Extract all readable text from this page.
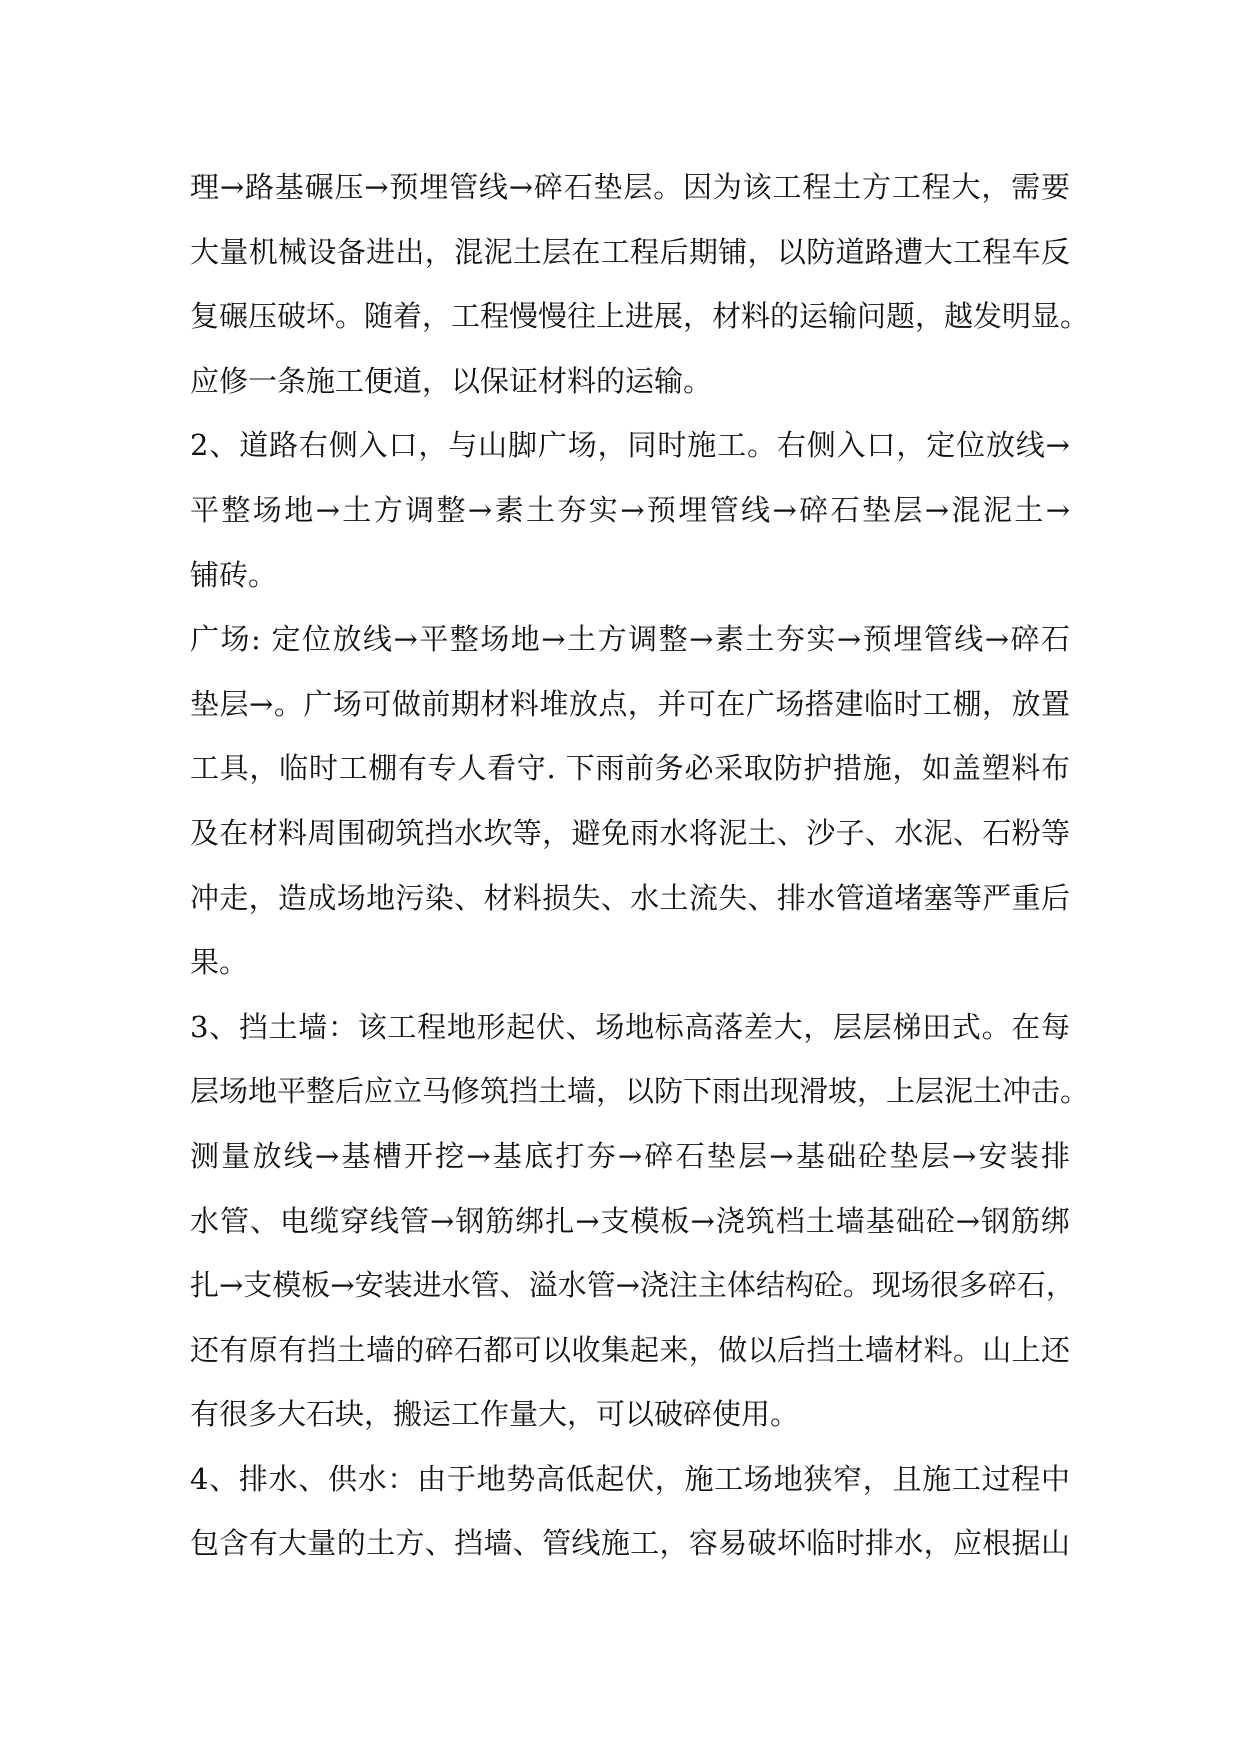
理→路基碾压→预埋管线→碎石垫层。因为该工程土方工程大，需要
大量机械设备进出，混泥土层在工程后期铺，以防道路遭大工程车反
复碾压破坏。随着，工程慢慢往上进展，材料的运输问题，越发明显。
应修一条施工便道，以保证材料的运输。
2、道路右侧入口，与山脚广场，同时施工。右侧入口，定位放线→
平整场地→土方调整→素土夯实→预埋管线→碎石垫层→混泥土→
铺砖。
广场: 定位放线→平整场地→土方调整→素土夯实→预埋管线→碎石
垫层→。广场可做前期材料堆放点，并可在广场搭建临时工棚，放置
工具，临时工棚有专人看守. 下雨前务必采取防护措施，如盖塑料布
及在材料周围砌筑挡水坎等，避免雨水将泥土、沙子、水泥、石粉等
冲走，造成场地污染、材料损失、水土流失、排水管道堵塞等严重后
果。
3、挡土墙：该工程地形起伏、场地标高落差大，层层梯田式。在每
层场地平整后应立马修筑挡土墙，以防下雨出现滑坡，上层泥土冲击。
测量放线→基槽开挖→基底打夯→碎石垫层→基础砼垫层→安装排
水管、电缆穿线管→钢筋绑扎→支模板→浇筑档土墙基础砼→钢筋绑
扎→支模板→安装进水管、溢水管→浇注主体结构砼。现场很多碎石，
还有原有挡土墙的碎石都可以收集起来，做以后挡土墙材料。山上还
有很多大石块，搬运工作量大，可以破碎使用。
4、排水、供水：由于地势高低起伏，施工场地狭窄，且施工过程中
包含有大量的土方、挡墙、管线施工，容易破坏临时排水，应根据山
